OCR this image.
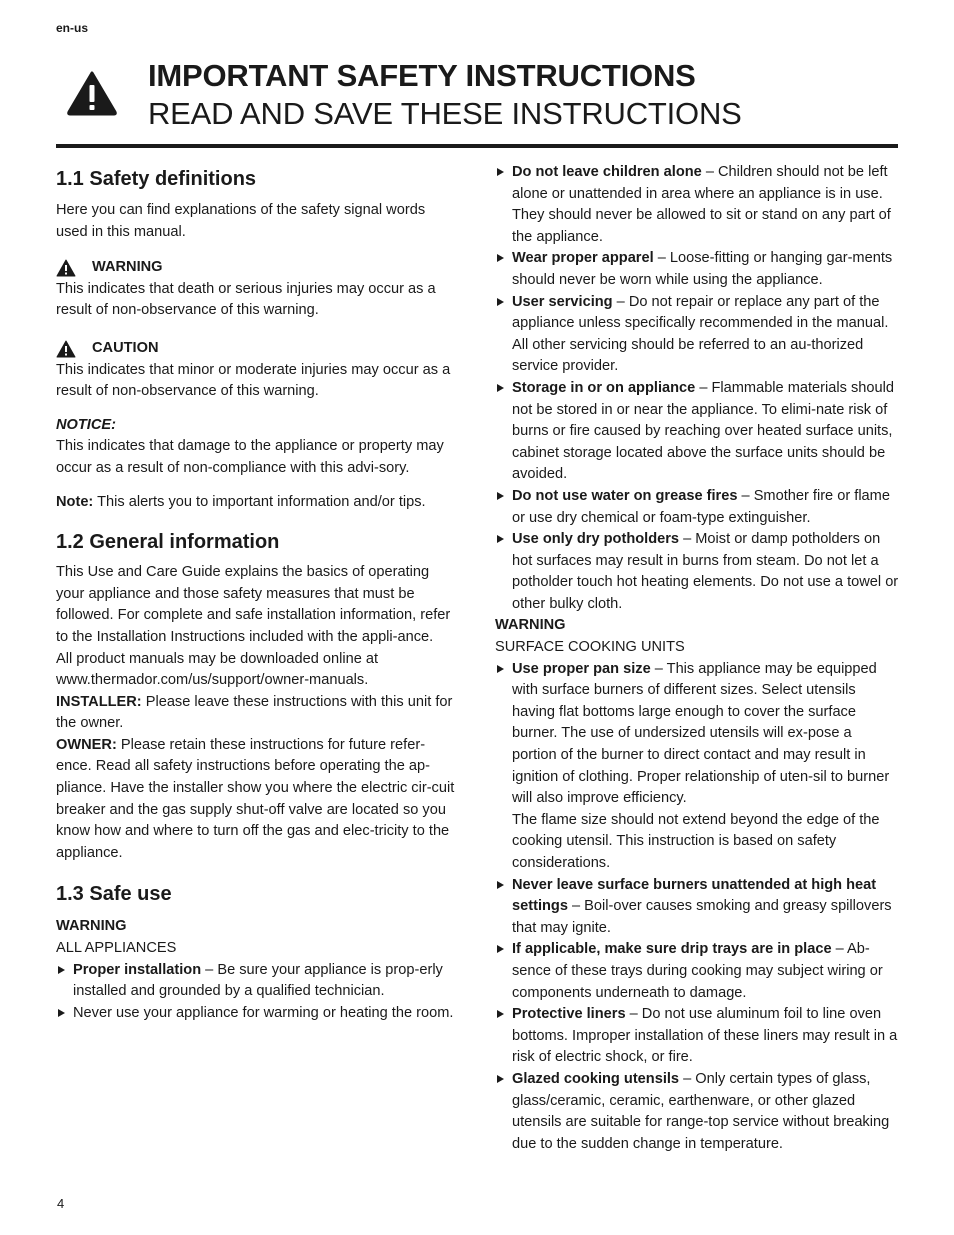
en-us
IMPORTANT SAFETY INSTRUCTIONS
READ AND SAVE THESE INSTRUCTIONS
1.1 Safety definitions

Here you can find explanations of the safety signal words used in this manual.

WARNING

This indicates that death or serious injuries may occur as a result of non-observance of this warning.

CAUTION

This indicates that minor or moderate injuries may occur as a result of non-observance of this warning.

NOTICE:

This indicates that damage to the appliance or property may occur as a result of non-compliance with this advi-sory.

Note: This alerts you to important information and/or tips.

1.2 General information

This Use and Care Guide explains the basics of operating your appliance and those safety measures that must be followed. For complete and safe installation information, refer to the Installation Instructions included with the appli-ance.

All product manuals may be downloaded online at www.thermador.com/us/support/owner-manuals.

INSTALLER: Please leave these instructions with this unit for the owner.

OWNER: Please retain these instructions for future refer-ence. Read all safety instructions before operating the ap-pliance. Have the installer show you where the electric cir-cuit breaker and the gas supply shut-off valve are located so you know how and where to turn off the gas and elec-tricity to the appliance.

1.3 Safe use

WARNING

ALL APPLIANCES

Proper installation – Be sure your appliance is prop-erly installed and grounded by a qualified technician.
Never use your appliance for warming or heating the room.
Do not leave children alone – Children should not be left alone or unattended in area where an appliance is in use. They should never be allowed to sit or stand on any part of the appliance.
Wear proper apparel – Loose-fitting or hanging gar-ments should never be worn while using the appliance.
User servicing – Do not repair or replace any part of the appliance unless specifically recommended in the manual. All other servicing should be referred to an au-thorized service provider.
Storage in or on appliance – Flammable materials should not be stored in or near the appliance. To elimi-nate risk of burns or fire caused by reaching over heated surface units, cabinet storage located above the surface units should be avoided.
Do not use water on grease fires – Smother fire or flame or use dry chemical or foam-type extinguisher.
Use only dry potholders – Moist or damp potholders on hot surfaces may result in burns from steam. Do not let a potholder touch hot heating elements. Do not use a towel or other bulky cloth.

WARNING

SURFACE COOKING UNITS

Use proper pan size – This appliance may be equipped with surface burners of different sizes. Select utensils having flat bottoms large enough to cover the surface burner. The use of undersized utensils will ex-pose a portion of the burner to direct contact and may result in ignition of clothing. Proper relationship of uten-sil to burner will also improve efficiency.
The flame size should not extend beyond the edge of the cooking utensil. This instruction is based on safety considerations.
Never leave surface burners unattended at high heat settings – Boil-over causes smoking and greasy spillovers that may ignite.
If applicable, make sure drip trays are in place – Ab-sence of these trays during cooking may subject wiring or components underneath to damage.
Protective liners – Do not use aluminum foil to line oven bottoms. Improper installation of these liners may result in a risk of electric shock, or fire.
Glazed cooking utensils – Only certain types of glass, glass/ceramic, ceramic, earthenware, or other glazed utensils are suitable for range-top service without breaking due to the sudden change in temperature.
4
